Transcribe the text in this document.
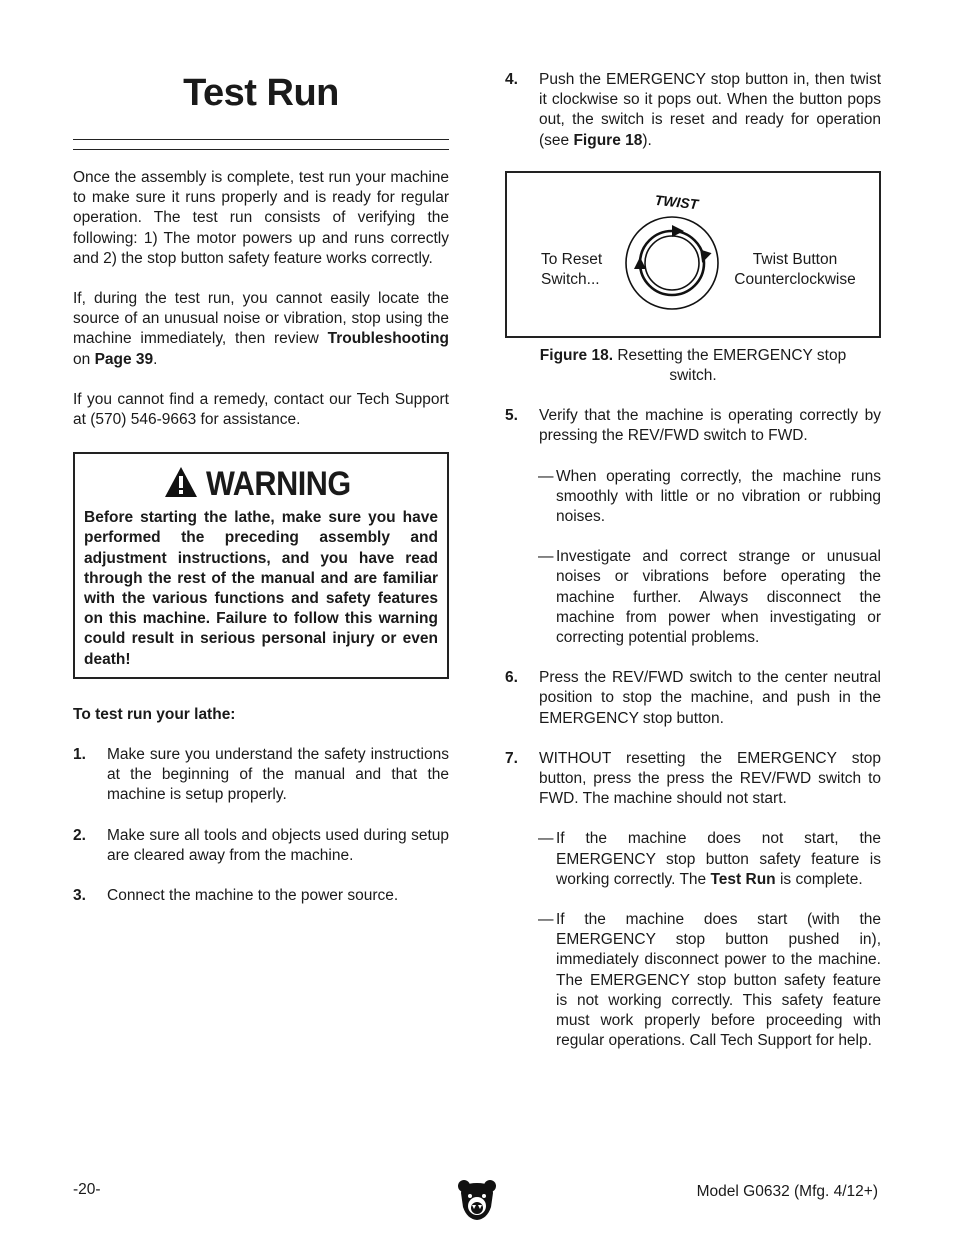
Test Run

Once the assembly is complete, test run your machine to make sure it runs properly and is ready for regular operation. The test run consists of verifying the following: 1) The motor powers up and runs correctly and 2) the stop button safety feature works correctly.

If, during the test run, you cannot easily locate the source of an unusual noise or vibration, stop using the machine immediately, then review Troubleshooting on Page 39.

If you cannot find a remedy, contact our Tech Support at (570) 546-9663 for assistance.

WARNING
Before starting the lathe, make sure you have performed the preceding assembly and adjustment instructions, and you have read through the rest of the manual and are familiar with the various functions and safety features on this machine. Failure to follow this warning could result in serious personal injury or even death!

To test run your lathe:

1.	Make sure you understand the safety instructions at the beginning of the manual and that the machine is setup properly.
2.	Make sure all tools and objects used during setup are cleared away from the machine.
3.	Connect the machine to the power source.
4.	Push the EMERGENCY stop button in, then twist it clockwise so it pops out. When the button pops out, the switch is reset and ready for operation (see Figure 18).
To Reset Switch...
TWIST
Twist Button Counterclockwise
Figure 18. Resetting the EMERGENCY stop switch.
5.	Verify that the machine is operating correctly by pressing the REV/FWD switch to FWD.
— When operating correctly, the machine runs smoothly with little or no vibration or rubbing noises.
— Investigate and correct strange or unusual noises or vibrations before operating the machine further. Always disconnect the machine from power when investigating or correcting potential problems.
6.	Press the REV/FWD switch to the center neutral position to stop the machine, and push in the EMERGENCY stop button.
7.	WITHOUT resetting the EMERGENCY stop button, press the press the REV/FWD switch to FWD. The machine should not start.
— If the machine does not start, the EMERGENCY stop button safety feature is working correctly. The Test Run is complete.
— If the machine does start (with the EMERGENCY stop button pushed in), immediately disconnect power to the machine. The EMERGENCY stop button safety feature is not working correctly. This safety feature must work properly before proceeding with regular operations. Call Tech Support for help.
-20-	Model G0632 (Mfg. 4/12+)
